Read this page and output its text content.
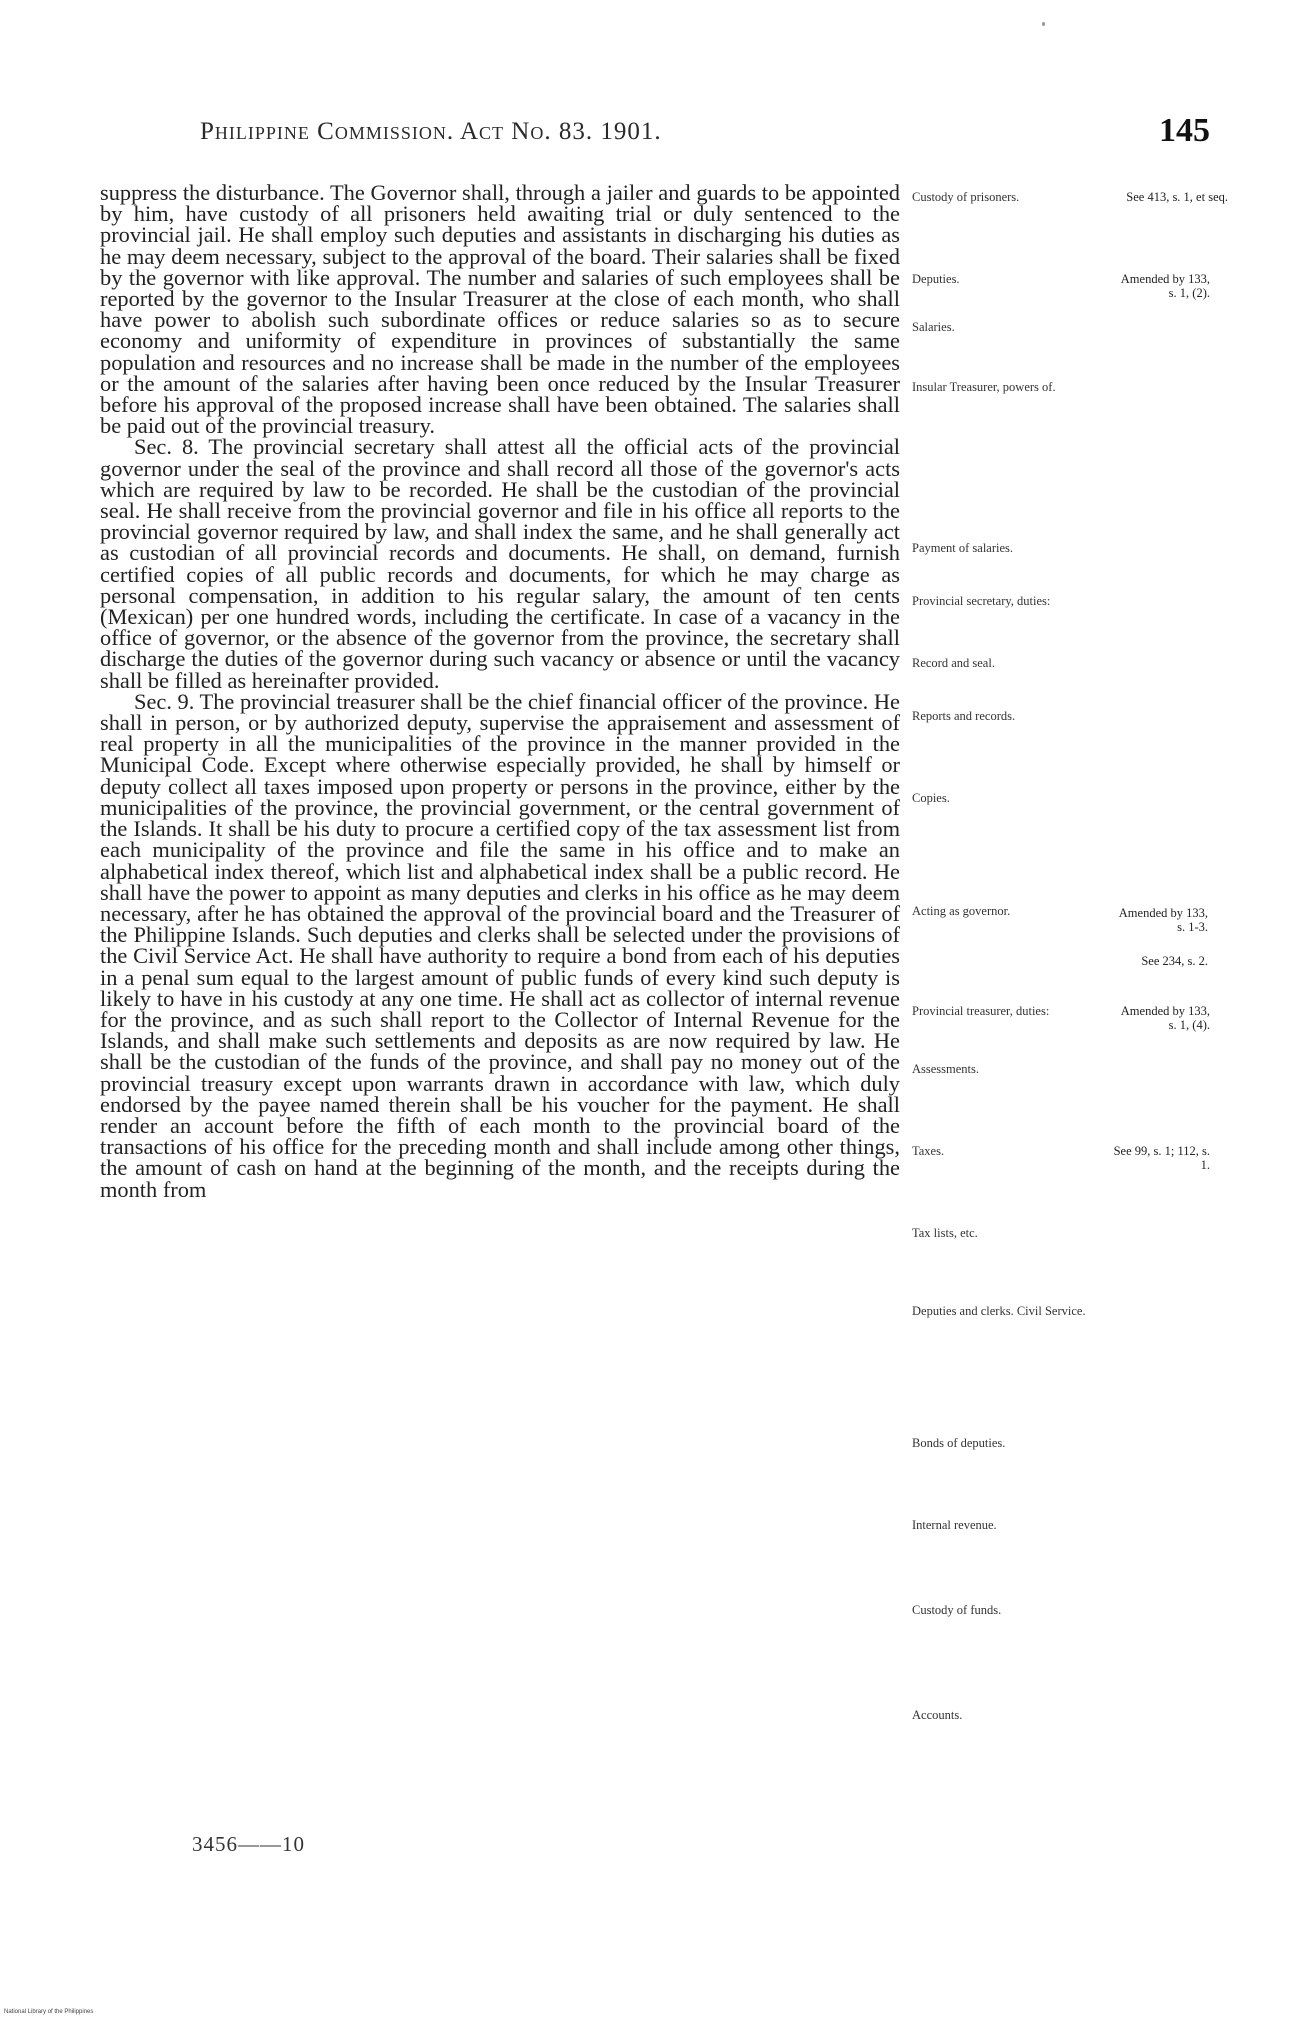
Philippine Commission. Act No. 83. 1901.	145

suppress the disturbance. The Governor shall, through a jailer and guards to be appointed by him, have custody of all prisoners held awaiting trial or duly sentenced to the provincial jail. He shall employ such deputies and assistants in discharging his duties as he may deem necessary, subject to the approval of the board. Their salaries shall be fixed by the governor with like approval. The number and salaries of such employees shall be reported by the governor to the Insular Treasurer at the close of each month, who shall have power to abolish such subordinate offices or reduce salaries so as to secure economy and uniformity of expenditure in provinces of substantially the same population and resources and no increase shall be made in the number of the employees or the amount of the salaries after having been once reduced by the Insular Treasurer before his approval of the proposed increase shall have been obtained. The salaries shall be paid out of the provincial treasury.

Sec. 8. The provincial secretary shall attest all the official acts of the provincial governor under the seal of the province and shall record all those of the governor's acts which are required by law to be recorded. He shall be the custodian of the provincial seal. He shall receive from the provincial governor and file in his office all reports to the provincial governor required by law, and shall index the same, and he shall generally act as custodian of all provincial records and documents. He shall, on demand, furnish certified copies of all public records and documents, for which he may charge as personal compensation, in addition to his regular salary, the amount of ten cents (Mexican) per one hundred words, including the certificate. In case of a vacancy in the office of governor, or the absence of the governor from the province, the secretary shall discharge the duties of the governor during such vacancy or absence or until the vacancy shall be filled as hereinafter provided.

Sec. 9. The provincial treasurer shall be the chief financial officer of the province. He shall in person, or by authorized deputy, supervise the appraisement and assessment of real property in all the municipalities of the province in the manner provided in the Municipal Code. Except where otherwise especially provided, he shall by himself or deputy collect all taxes imposed upon property or persons in the province, either by the municipalities of the province, the provincial government, or the central government of the Islands. It shall be his duty to procure a certified copy of the tax assessment list from each municipality of the province and file the same in his office and to make an alphabetical index thereof, which list and alphabetical index shall be a public record. He shall have the power to appoint as many deputies and clerks in his office as he may deem necessary, after he has obtained the approval of the provincial board and the Treasurer of the Philippine Islands. Such deputies and clerks shall be selected under the provisions of the Civil Service Act. He shall have authority to require a bond from each of his deputies in a penal sum equal to the largest amount of public funds of every kind such deputy is likely to have in his custody at any one time. He shall act as collector of internal revenue for the province, and as such shall report to the Collector of Internal Revenue for the Islands, and shall make such settlements and deposits as are now required by law. He shall be the custodian of the funds of the province, and shall pay no money out of the provincial treasury except upon warrants drawn in accordance with law, which duly endorsed by the payee named therein shall be his voucher for the payment. He shall render an account before the fifth of each month to the provincial board of the transactions of his office for the preceding month and shall include among other things, the amount of cash on hand at the beginning of the month, and the receipts during the month from

Custody of prisoners.
Deputies.
Salaries.
Insular Treasurer, powers of.
Payment of salaries.
Provincial secretary, duties:
Record and seal.
Reports and records.
Copies.
Acting as governor.
Provincial treasurer, duties:
Assessments.
Taxes.
Tax lists, etc.
Deputies and clerks. Civil Service.
Bonds of deputies.
Internal revenue.
Custody of funds.
Accounts.
See 413, s. 1, et seq.
Amended by 133, s. 1, (2).
Amended by 133, s. 1-3.
See 234, s. 2.
Amended by 133, s. 1, (4).
See 99, s. 1; 112, s. 1.
3456——10
National Library of the Philippines
